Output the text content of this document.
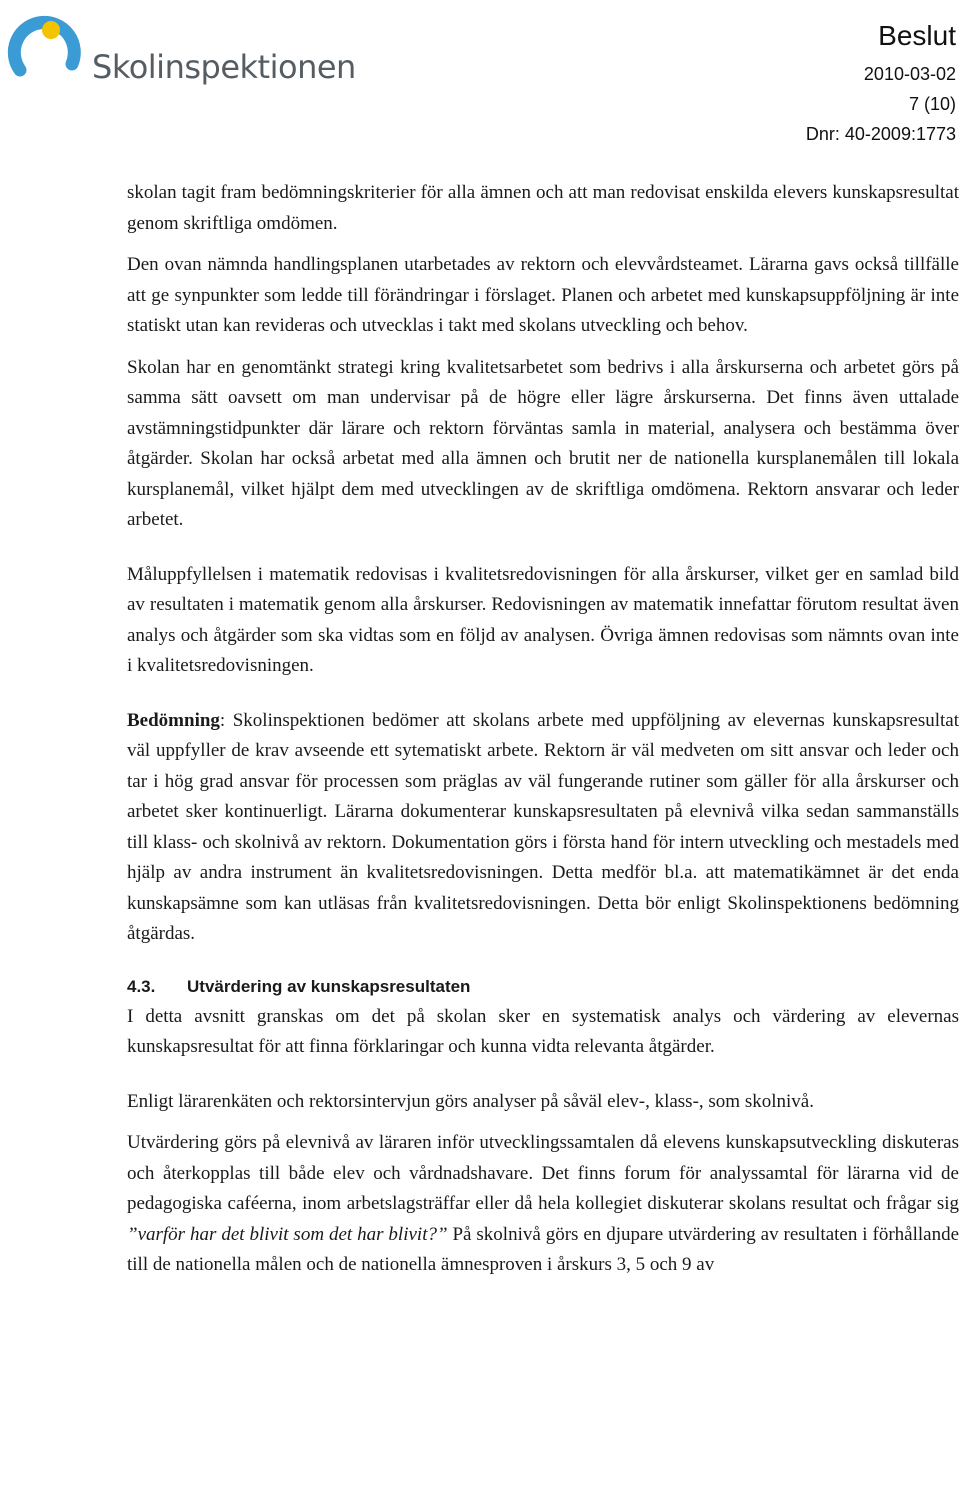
Skolinspektionen
Beslut
2010-03-02
7 (10)
Dnr: 40-2009:1773

skolan tagit fram bedömningskriterier för alla ämnen och att man redovisat enskilda elevers kunskapsresultat genom skriftliga omdömen.

Den ovan nämnda handlingsplanen utarbetades av rektorn och elevvårdsteamet. Lärarna gavs också tillfälle att ge synpunkter som ledde till förändringar i förslaget. Planen och arbetet med kunskapsuppföljning är inte statiskt utan kan revideras och utvecklas i takt med skolans utveckling och behov.

Skolan har en genomtänkt strategi kring kvalitetsarbetet som bedrivs i alla årskurserna och arbetet görs på samma sätt oavsett om man undervisar på de högre eller lägre årskurserna. Det finns även uttalade avstämningstidpunkter där lärare och rektorn förväntas samla in material, analysera och bestämma över åtgärder. Skolan har också arbetat med alla ämnen och brutit ner de nationella kursplanemålen till lokala kursplanemål, vilket hjälpt dem med utvecklingen av de skriftliga omdömena. Rektorn ansvarar och leder arbetet.

Måluppfyllelsen i matematik redovisas i kvalitetsredovisningen för alla årskurser, vilket ger en samlad bild av resultaten i matematik genom alla årskurser. Redovisningen av matematik innefattar förutom resultat även analys och åtgärder som ska vidtas som en följd av analysen. Övriga ämnen redovisas som nämnts ovan inte i kvalitetsredovisningen.

Bedömning: Skolinspektionen bedömer att skolans arbete med uppföljning av elevernas kunskapsresultat väl uppfyller de krav avseende ett sytematiskt arbete. Rektorn är väl medveten om sitt ansvar och leder och tar i hög grad ansvar för processen som präglas av väl fungerande rutiner som gäller för alla årskurser och arbetet sker kontinuerligt. Lärarna dokumenterar kunskapsresultaten på elevnivå vilka sedan sammanställs till klass- och skolnivå av rektorn. Dokumentation görs i första hand för intern utveckling och mestadels med hjälp av andra instrument än kvalitetsredovisningen. Detta medför bl.a. att matematikämnet är det enda kunskapsämne som kan utläsas från kvalitetsredovisningen. Detta bör enligt Skolinspektionens bedömning åtgärdas.

4.3. Utvärdering av kunskapsresultaten

I detta avsnitt granskas om det på skolan sker en systematisk analys och värdering av elevernas kunskapsresultat för att finna förklaringar och kunna vidta relevanta åtgärder.

Enligt lärarenkäten och rektorsintervjun görs analyser på såväl elev-, klass-, som skolnivå.

Utvärdering görs på elevnivå av läraren inför utvecklingssamtalen då elevens kunskapsutveckling diskuteras och återkopplas till både elev och vårdnadshavare. Det finns forum för analyssamtal för lärarna vid de pedagogiska caféerna, inom arbetslagsträffar eller då hela kollegiet diskuterar skolans resultat och frågar sig ”varför har det blivit som det har blivit?” På skolnivå görs en djupare utvärdering av resultaten i förhållande till de nationella målen och de nationella ämnesproven i årskurs 3, 5 och 9 av
